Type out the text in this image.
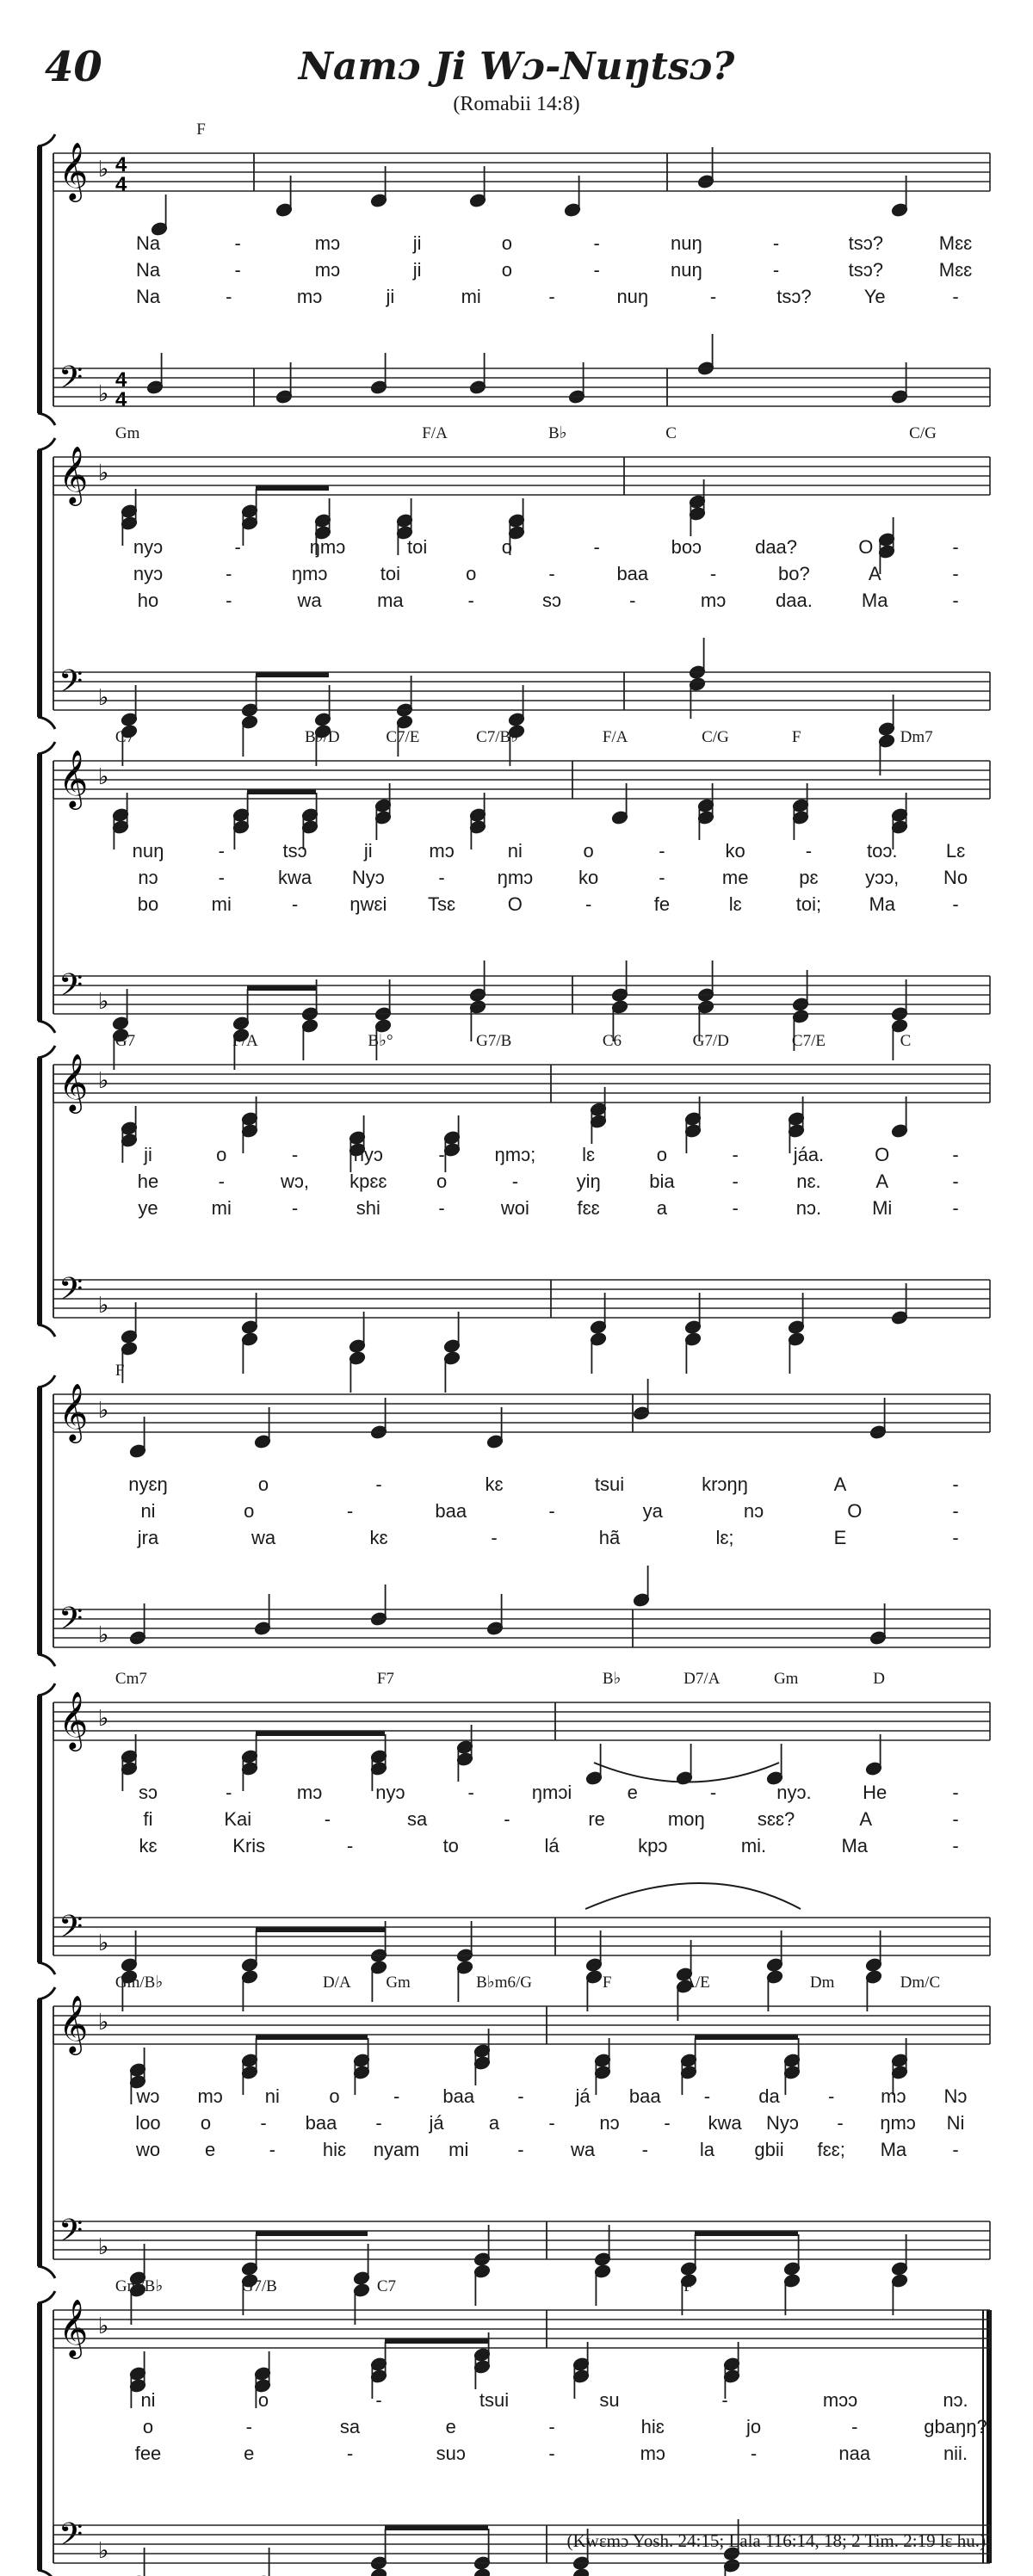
40	Namɔ Ji Wɔ-Nuŋtsɔ?
(Romabii 14:8)
𝄞
𝄢
♭
♭
4
4
4
4
F
Na	-	mɔ	ji	o	-	nuŋ	-	tsɔ?	Mɛɛ
Na	-	mɔ	ji	o	-	nuŋ	-	tsɔ?	Mɛɛ
Na	-	mɔ	ji	mi	-	nuŋ	-	tsɔ?	Ye	-
𝄞
𝄢
♭
♭
Gm	F/A	B♭	C	C/G
nyɔ	-	ŋmɔ	toi	o	-	boɔ	daa?	O	-
nyɔ	-	ŋmɔ	toi	o	-	baa	-	bo?	A	-
ho	-	wa	ma	-	sɔ	-	mɔ	daa.	Ma	-
𝄞
𝄢
♭
♭
C7	B♭/D	C7/E	C7/B♭	F/A	C/G	F	Dm7
nuŋ	-	tsɔ	ji	mɔ	ni	o	-	ko	-	toɔ.	Lɛ
nɔ	-	kwa Nyɔ	-	ŋmɔ ko	-	me	pɛ yɔɔ, No
bo	mi	-	ŋwɛi Tsɛ	O	-	fe	lɛ	toi;	Ma	-
𝄞
𝄢
♭
♭
G7	F/A	B♭°	G7/B	C6	G7/D	C7/E	C
ji	o	-	nyɔ	-	ŋmɔ; lɛ	o	-	jáa.	O	-
he	-	wɔ, kpɛɛ	o	-	yiŋ	bia	-	nɛ.	A	-
ye	mi	-	shi	-	woi	fɛɛ	a	-	nɔ.	Mi	-
𝄞
𝄢
♭
♭
F
nyɛŋ	o	-	kɛ	tsui	krɔŋŋ	A	-
ni	o	-	baa	-	ya	nɔ	O	-
jra	wa	kɛ	-	hã	lɛ;	E	-
𝄞
𝄢
♭
♭
Cm7	F7	B♭	D7/A	Gm	D
sɔ	-	mɔ	nyɔ	-	ŋmɔi	e	-	nyɔ.	He	-
fi	Kai	-	sa	-	re	moŋ	sɛɛ?	A	-
kɛ	Kris	-	to	lá	kpɔ	mi.	Ma	-
𝄞
𝄢
♭
♭
Gm/B♭	D/A Gm	B♭m6/G	F	A/E	Dm	Dm/C
wɔ mɔ ni	o	- baa -	já baa -	da	- mɔ Nɔ
loo o	- baa - já a	- nɔ - kwa Nyɔ - ŋmɔ Ni
wo e	- hiɛ nyam mi	- wa -	la gbii fɛɛ; Ma -
𝄞
𝄢
♭
♭
Gm/B♭	G7/B	C7	F
ni	o	-	tsui	su	-	mɔɔ	nɔ.
o	-	sa	e	-	hiɛ	jo	-	gbaŋŋ?
fee	e	-	suɔ	-	mɔ	-	naa	nii.
(Kwɛmɔ Yosh. 24:15; Lala 116:14, 18; 2 Tim. 2:19 lɛ hu.)
